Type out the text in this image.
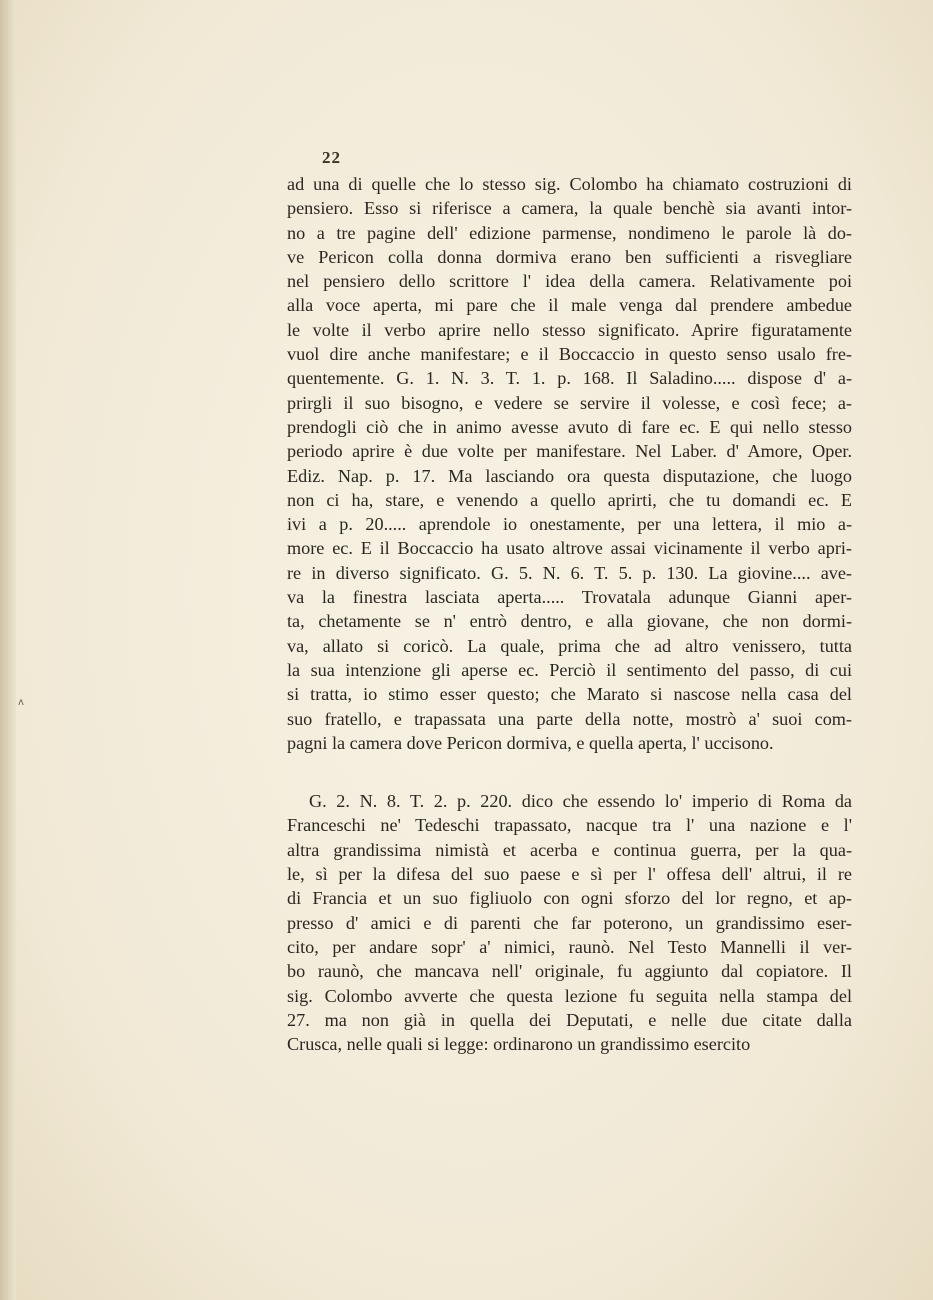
ʌ
22
ad una di quelle che lo stesso sig. Colombo ha chiamato costruzioni di
pensiero. Esso si riferisce a camera, la quale benchè sia avanti intor-
no a tre pagine dell' edizione parmense, nondimeno le parole là do-
ve Pericon colla donna dormiva erano ben sufficienti a risvegliare
nel pensiero dello scrittore l' idea della camera. Relativamente poi
alla voce aperta, mi pare che il male venga dal prendere ambedue
le volte il verbo aprire nello stesso significato. Aprire figuratamente
vuol dire anche manifestare; e il Boccaccio in questo senso usalo fre-
quentemente. G. 1. N. 3. T. 1. p. 168. Il Saladino..... dispose d' a-
prirgli il suo bisogno, e vedere se servire il volesse, e così fece; a-
prendogli ciò che in animo avesse avuto di fare ec. E qui nello stesso
periodo aprire è due volte per manifestare. Nel Laber. d' Amore, Oper.
Ediz. Nap. p. 17. Ma lasciando ora questa disputazione, che luogo
non ci ha, stare, e venendo a quello aprirti, che tu domandi ec. E
ivi a p. 20..... aprendole io onestamente, per una lettera, il mio a-
more ec. E il Boccaccio ha usato altrove assai vicinamente il verbo apri-
re in diverso significato. G. 5. N. 6. T. 5. p. 130. La giovine.... ave-
va la finestra lasciata aperta..... Trovatala adunque Gianni aper-
ta, chetamente se n' entrò dentro, e alla giovane, che non dormi-
va, allato si coricò. La quale, prima che ad altro venissero, tutta
la sua intenzione gli aperse ec. Perciò il sentimento del passo, di cui
si tratta, io stimo esser questo; che Marato si nascose nella casa del
suo fratello, e trapassata una parte della notte, mostrò a' suoi com-
pagni la camera dove Pericon dormiva, e quella aperta, l' uccisono.
G. 2. N. 8. T. 2. p. 220. dico che essendo lo' imperio di Roma da
Franceschi ne' Tedeschi trapassato, nacque tra l' una nazione e l'
altra grandissima nimistà et acerba e continua guerra, per la qua-
le, sì per la difesa del suo paese e sì per l' offesa dell' altrui, il re
di Francia et un suo figliuolo con ogni sforzo del lor regno, et ap-
presso d' amici e di parenti che far poterono, un grandissimo eser-
cito, per andare sopr' a' nimici, raunò. Nel Testo Mannelli il ver-
bo raunò, che mancava nell' originale, fu aggiunto dal copiatore. Il
sig. Colombo avverte che questa lezione fu seguita nella stampa del
27. ma non già in quella dei Deputati, e nelle due citate dalla
Crusca, nelle quali si legge: ordinarono un grandissimo esercito
